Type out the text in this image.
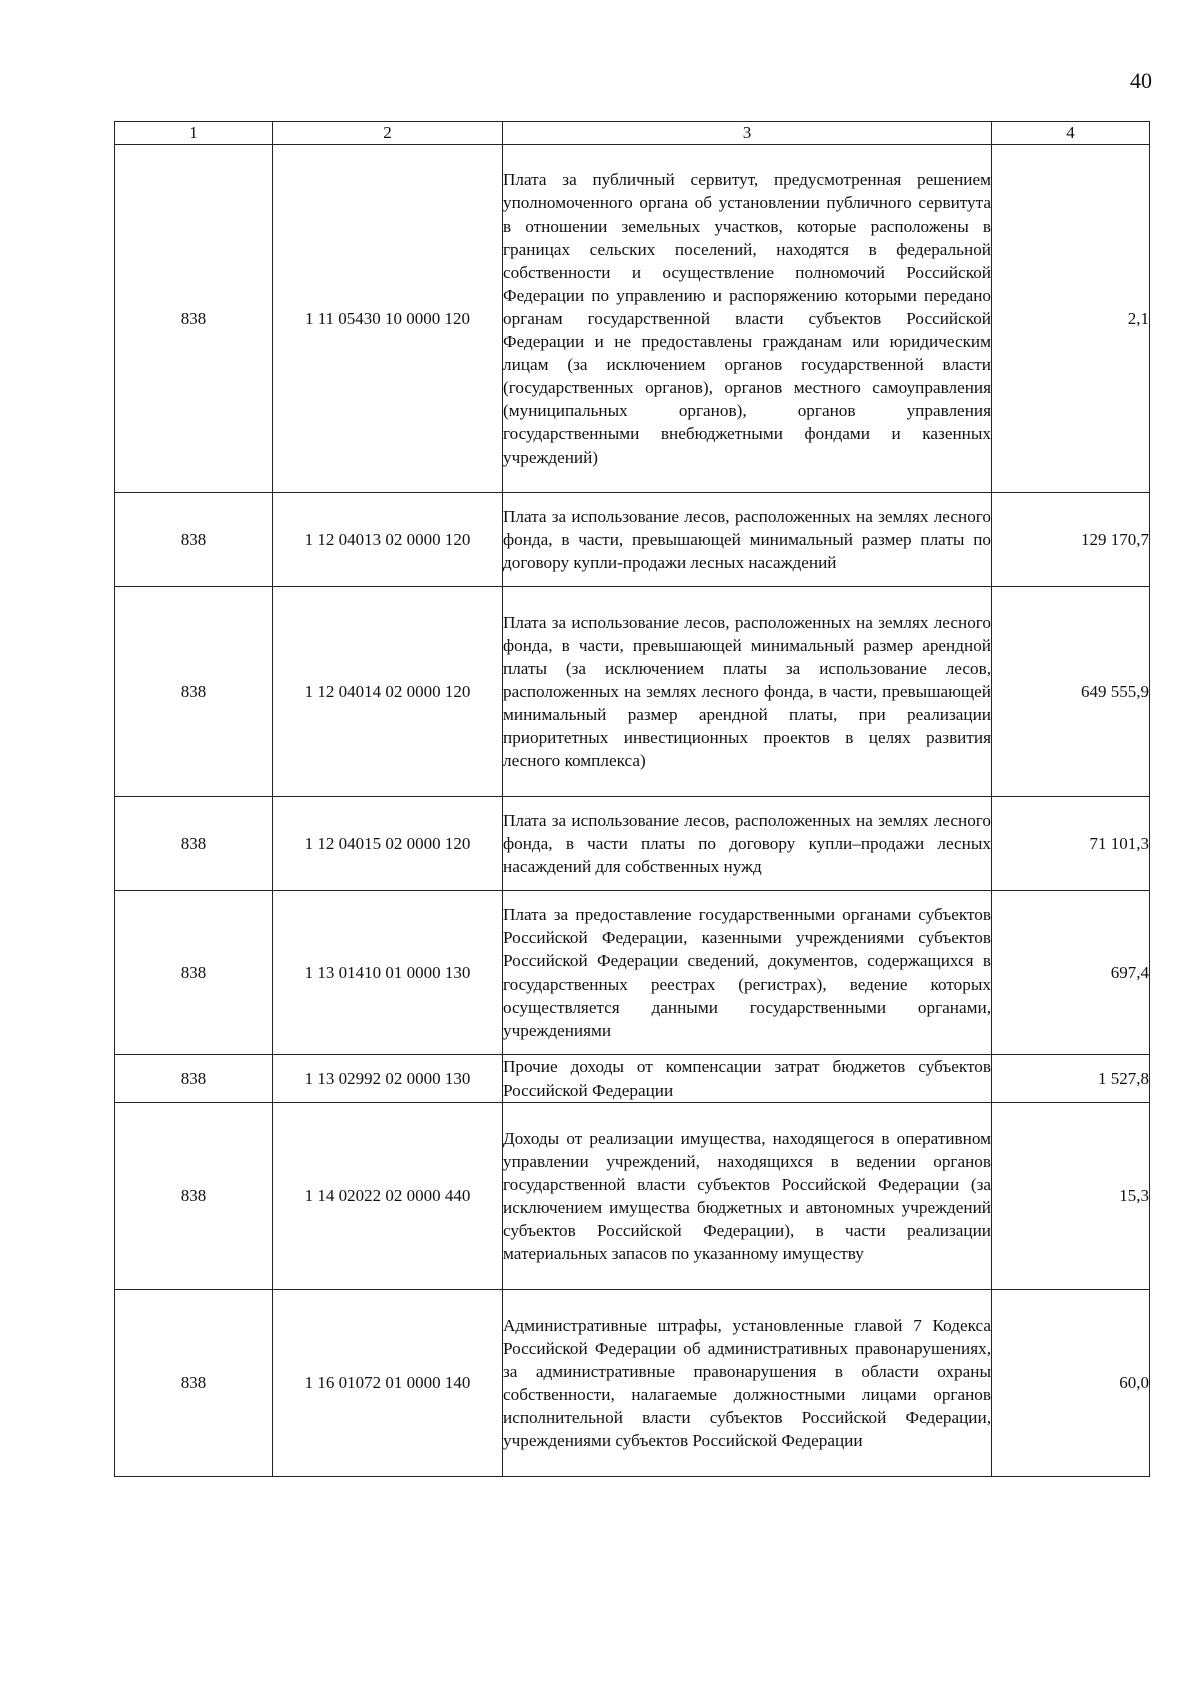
40
1	2	3	4
838	1 11 05430 10 0000 120	Плата за публичный сервитут, предусмотренная решением уполномоченного органа об установлении публичного сервитута в отношении земельных участков, которые расположены в границах сельских поселений, находятся в федеральной собственности и осуществление полномочий Российской Федерации по управлению и распоряжению которыми передано органам государственной власти субъектов Российской Федерации и не предоставлены гражданам или юридическим лицам (за исключением органов государственной власти (государственных органов), органов местного самоуправления (муниципальных органов), органов управления государственными внебюджетными фондами и казенных учреждений)	2,1
838	1 12 04013 02 0000 120	Плата за использование лесов, расположенных на землях лесного фонда, в части, превышающей минимальный размер платы по договору купли-продажи лесных насаждений	129 170,7
838	1 12 04014 02 0000 120	Плата за использование лесов, расположенных на землях лесного фонда, в части, превышающей минимальный размер арендной платы (за исключением платы за использование лесов, расположенных на землях лесного фонда, в части, превышающей минимальный размер арендной платы, при реализации приоритетных инвестиционных проектов в целях развития лесного комплекса)	649 555,9
838	1 12 04015 02 0000 120	Плата за использование лесов, расположенных на землях лесного фонда, в части платы по договору купли–продажи лесных насаждений для собственных нужд	71 101,3
838	1 13 01410 01 0000 130	Плата за предоставление государственными органами субъектов Российской Федерации, казенными учреждениями субъектов Российской Федерации сведений, документов, содержащихся в государственных реестрах (регистрах), ведение которых осуществляется данными государственными органами, учреждениями	697,4
838	1 13 02992 02 0000 130	Прочие доходы от компенсации затрат бюджетов субъектов Российской Федерации	1 527,8
838	1 14 02022 02 0000 440	Доходы от реализации имущества, находящегося в оперативном управлении учреждений, находящихся в ведении органов государственной власти субъектов Российской Федерации (за исключением имущества бюджетных и автономных учреждений субъектов Российской Федерации), в части реализации материальных запасов по указанному имуществу	15,3
838	1 16 01072 01 0000 140	Административные штрафы, установленные главой 7 Кодекса Российской Федерации об административных правонарушениях, за административные правонарушения в области охраны собственности, налагаемые должностными лицами органов исполнительной власти субъектов Российской Федерации, учреждениями субъектов Российской Федерации	60,0
